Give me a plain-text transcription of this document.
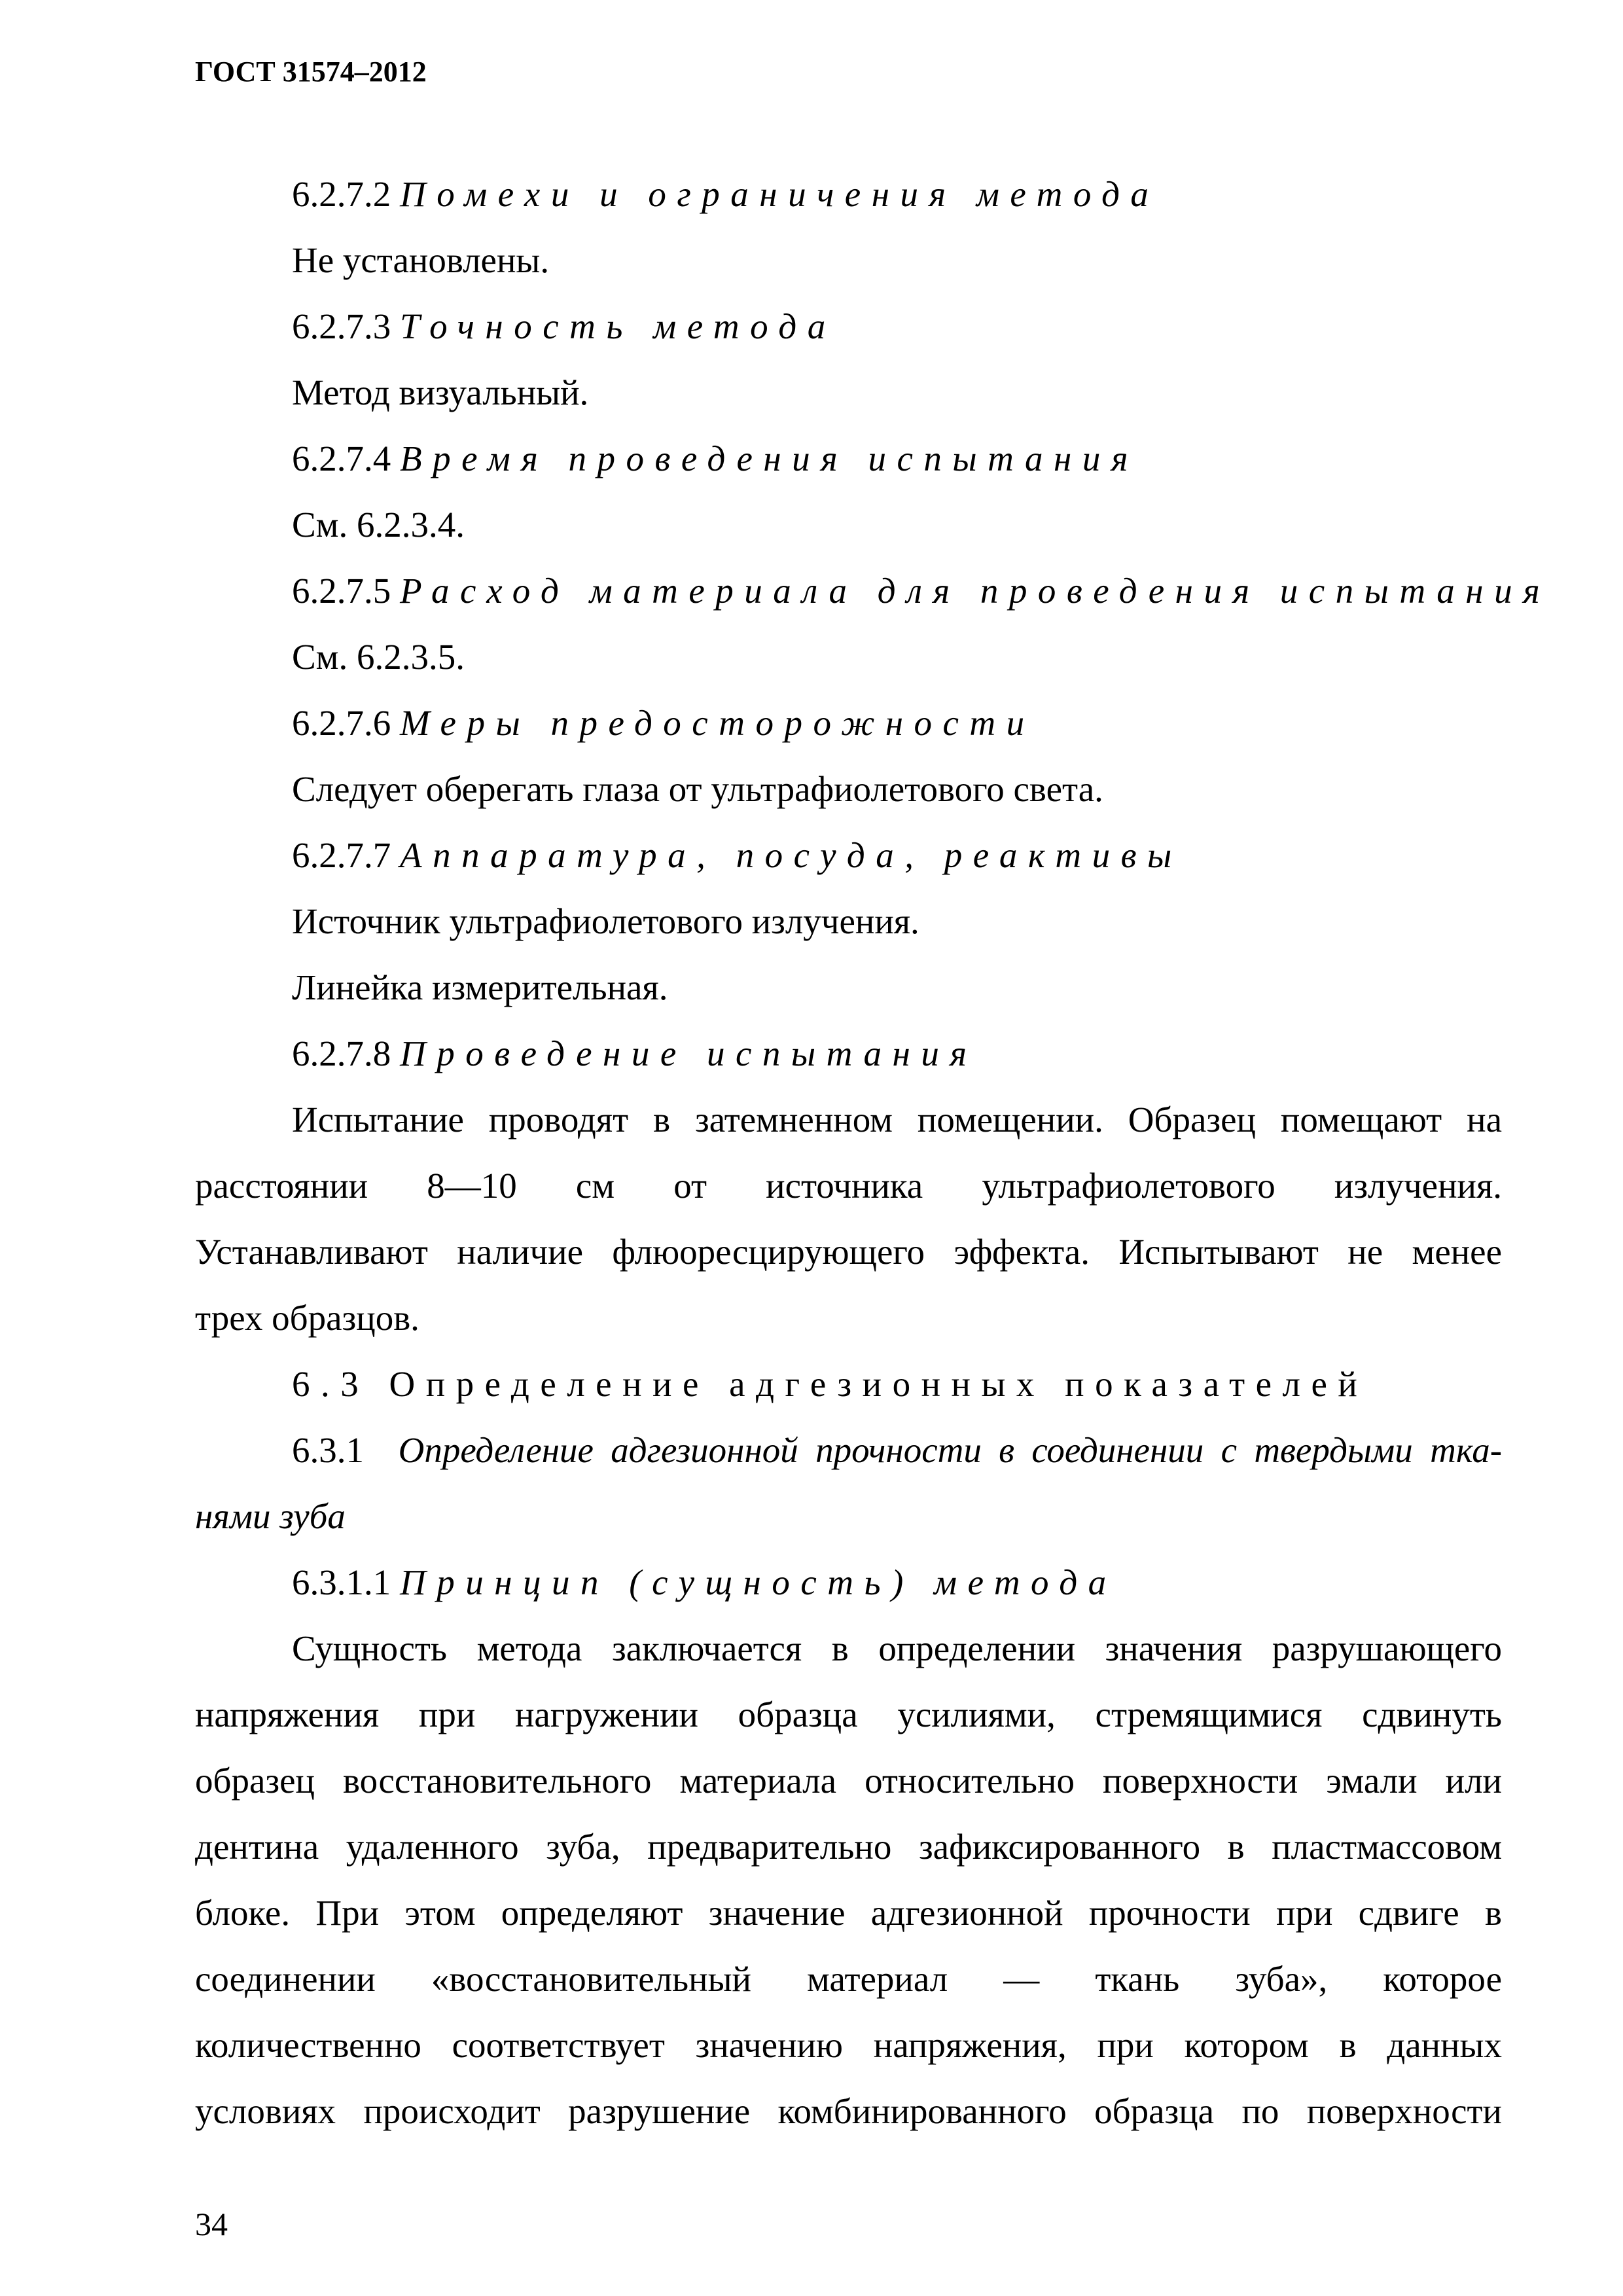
ГОСТ 31574–2012
6.2.7.2 Помехи и ограничения метода
Не установлены.
6.2.7.3 Точность метода
Метод визуальный.
6.2.7.4 Время проведения испытания
См. 6.2.3.4.
6.2.7.5 Расход материала для проведения испытания
См. 6.2.3.5.
6.2.7.6 Меры предосторожности
Следует оберегать глаза от ультрафиолетового света.
6.2.7.7 Аппаратура, посуда, реактивы
Источник ультрафиолетового излучения.
Линейка измерительная.
6.2.7.8 Проведение испытания
Испытание проводят в затемненном помещении. Образец помещают на
расстоянии 8—10 см от источника ультрафиолетового излучения.
Устанавливают наличие флюоресцирующего эффекта. Испытывают не менее
трех образцов.
6.3 Определение адгезионных показателей
6.3.1 Определение адгезионной прочности в соединении с твердыми тка-
нями зуба
6.3.1.1 Принцип (сущность) метода
Сущность метода заключается в определении значения разрушающего
напряжения при нагружении образца усилиями, стремящимися сдвинуть
образец восстановительного материала относительно поверхности эмали или
дентина удаленного зуба, предварительно зафиксированного в пластмассовом
блоке. При этом определяют значение адгезионной прочности при сдвиге в
соединении «восстановительный материал — ткань зуба», которое
количественно соответствует значению напряжения, при котором в данных
условиях происходит разрушение комбинированного образца по поверхности
34
